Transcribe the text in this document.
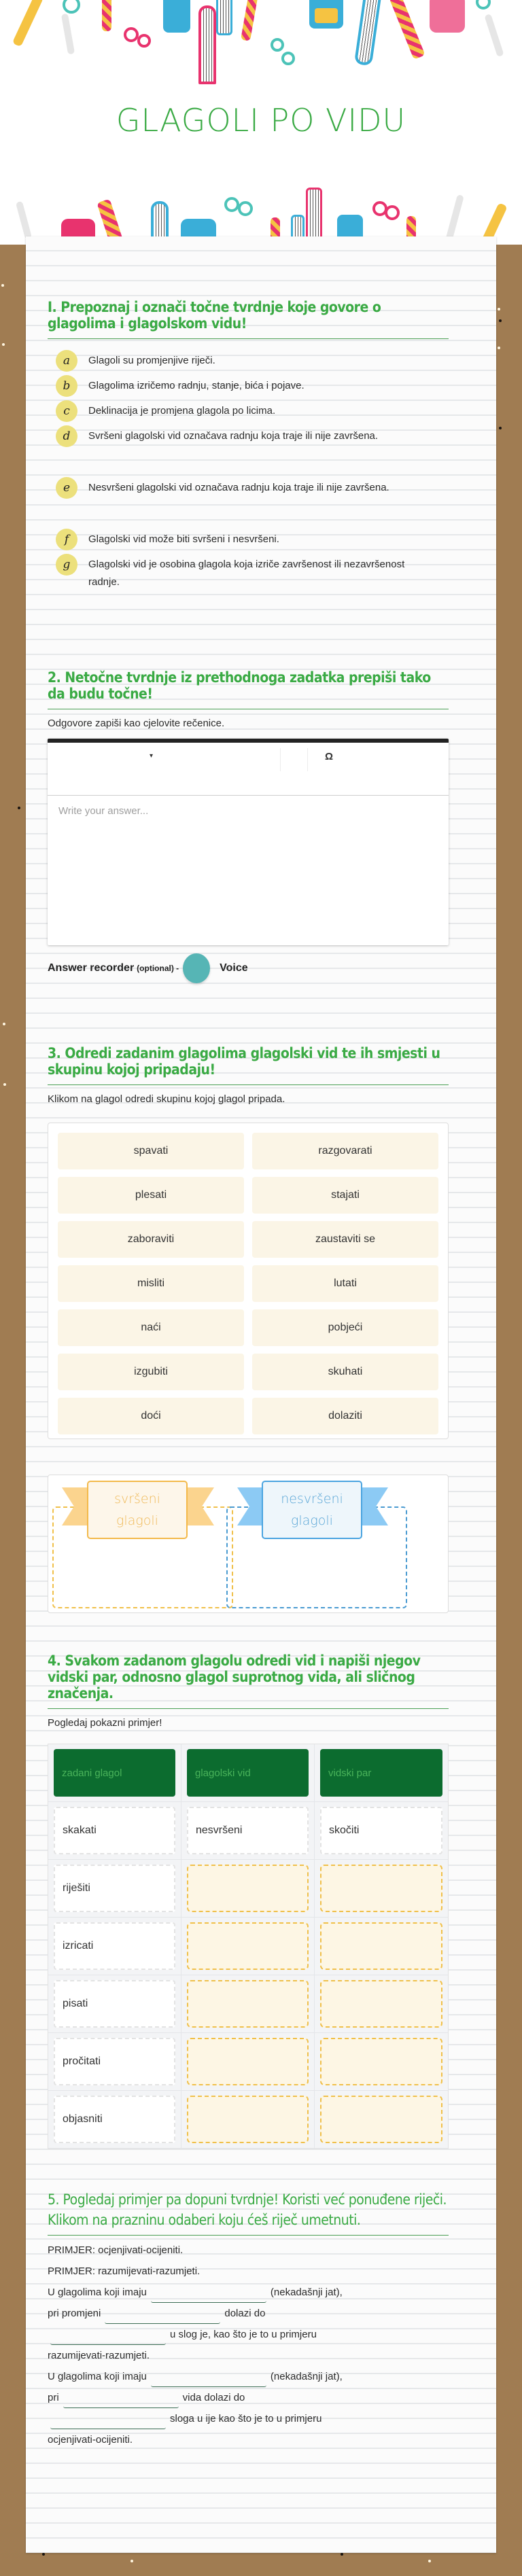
GLAGOLI PO VIDU
I. Prepoznaj i označi točne tvrdnje koje govore o glagolima i glagolskom vidu!
a	Glagoli su promjenjive riječi.
b	Glagolima izričemo radnju, stanje, bića i pojave.
c	Deklinacija je promjena glagola po licima.
d	Svršeni glagolski vid označava radnju koja traje ili nije završena.
e	Nesvršeni glagolski vid označava radnju koja traje ili nije završena.
f	Glagolski vid može biti svršeni i nesvršeni.
g	Glagolski vid je osobina glagola koja izriče završenost ili nezavršenost radnje.
2. Netočne tvrdnje iz prethodnoga zadatka prepiši tako da budu točne!

Odgovore zapiši kao cjelovite rečenice.

▾	Ω
Write your answer...
Answer recorder (optional) -	Voice
3. Odredi zadanim glagolima glagolski vid te ih smjesti u skupinu kojoj pripadaju!

Klikom na glagol odredi skupinu kojoj glagol pripada.

spavati	razgovarati
plesati	stajati
zaboraviti	zaustaviti se
misliti	lutati
naći	pobjeći
izgubiti	skuhati
doći	dolaziti
svršeni
glagoli
nesvršeni
glagoli
4. Svakom zadanom glagolu odredi vid i napiši njegov vidski par, odnosno glagol suprotnog vida, ali sličnog značenja.

Pogledaj pokazni primjer!

zadani glagol	glagolski vid	vidski par
skakati	nesvršeni	skočiti
riješiti
izricati
pisati
pročitati
objasniti
5. Pogledaj primjer pa dopuni tvrdnje! Koristi već ponuđene riječi.
Klikom na prazninu odaberi koju ćeš riječ umetnuti.
PRIMJER: ocjenjivati-ocijeniti.
PRIMJER: razumijevati-razumjeti.
U glagolima koji imaju	(nekadašnji jat),
pri promjeni	dolazi do
u slog je, kao što je to u primjeru
razumijevati-razumjeti.
U glagolima koji imaju	(nekadašnji jat),
pri	vida dolazi do
sloga u ije kao što je to u primjeru
ocjenjivati-ocijeniti.
